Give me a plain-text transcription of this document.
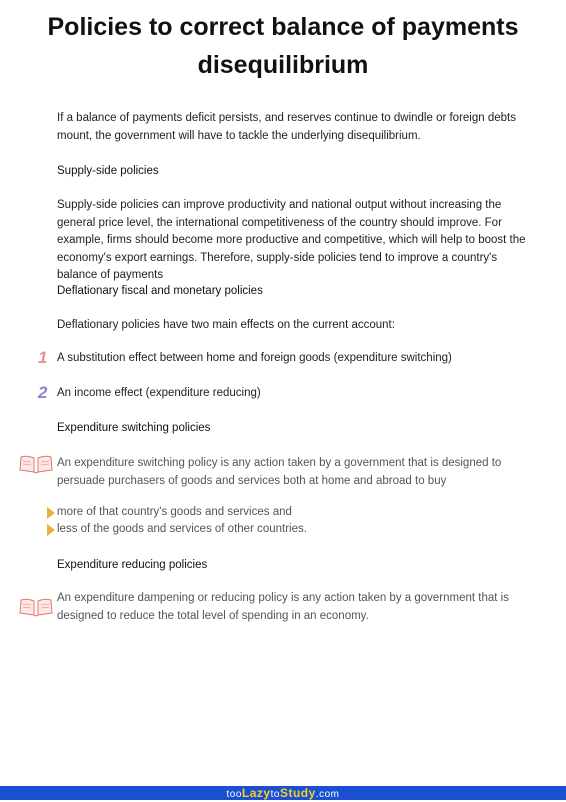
Policies to correct balance of payments disequilibrium
If a balance of payments deficit persists, and reserves continue to dwindle or foreign debts mount, the government will have to tackle the underlying disequilibrium.
Supply-side policies
Supply-side policies can improve productivity and national output without increasing the general price level, the international competitiveness of the country should improve. For example, firms should become more productive and competitive, which will help to boost the economy's export earnings. Therefore, supply-side policies tend to improve a country's balance of payments
Deflationary fiscal and monetary policies
Deflationary policies have two main effects on the current account:
1 A substitution effect between home and foreign goods (expenditure switching)
2 An income effect (expenditure reducing)
Expenditure switching policies
An expenditure switching policy is any action taken by a government that is designed to persuade purchasers of goods and services both at home and abroad to buy
more of that country's goods and services and
less of the goods and services of other countries.
Expenditure reducing policies
An expenditure dampening or reducing policy is any action taken by a government that is designed to reduce the total level of spending in an economy.
tooLazytoStudy.com
